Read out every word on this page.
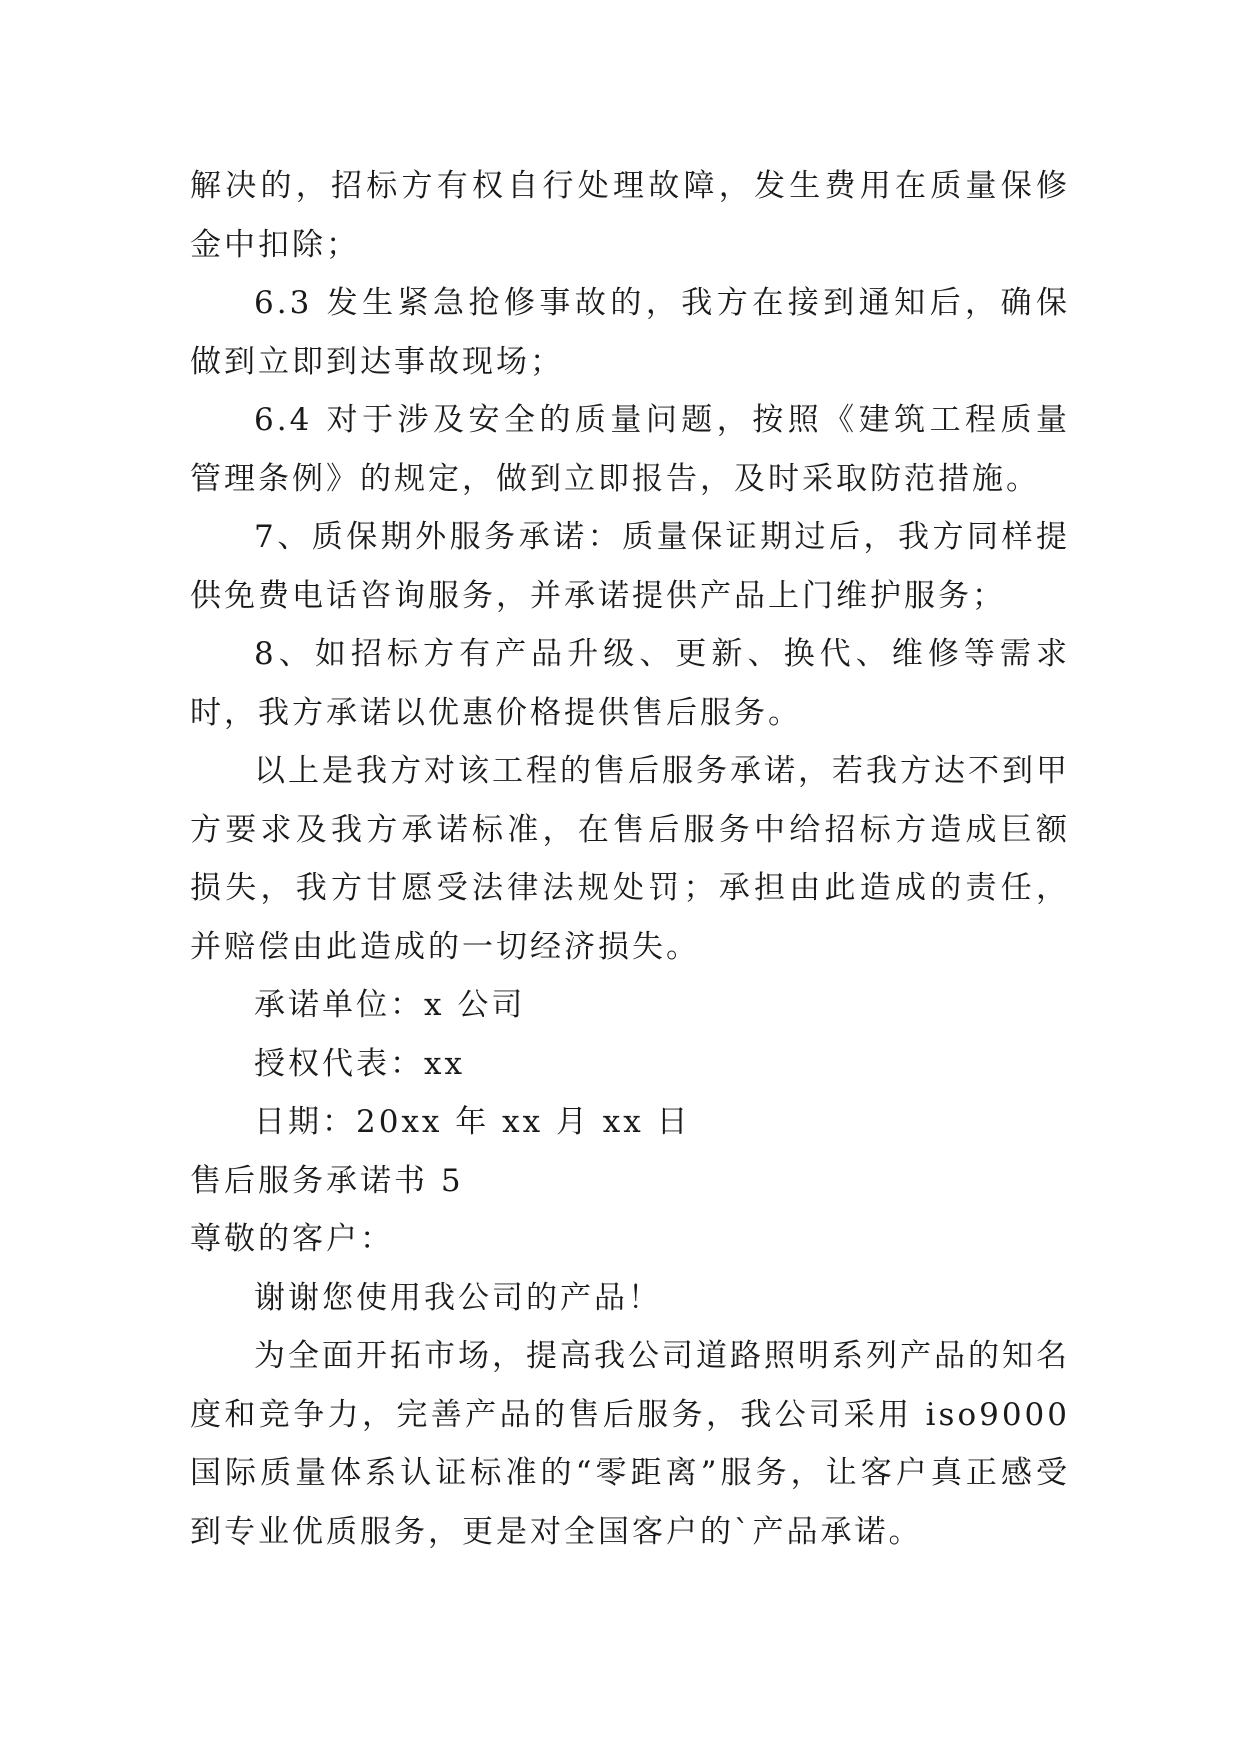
解决的，招标方有权自行处理故障，发生费用在质量保修金中扣除；

6.3 发生紧急抢修事故的，我方在接到通知后，确保做到立即到达事故现场；

6.4 对于涉及安全的质量问题，按照《建筑工程质量管理条例》的规定，做到立即报告，及时采取防范措施。

7、质保期外服务承诺：质量保证期过后，我方同样提供免费电话咨询服务，并承诺提供产品上门维护服务；

8、如招标方有产品升级、更新、换代、维修等需求时，我方承诺以优惠价格提供售后服务。

以上是我方对该工程的售后服务承诺，若我方达不到甲方要求及我方承诺标准，在售后服务中给招标方造成巨额损失，我方甘愿受法律法规处罚；承担由此造成的责任，并赔偿由此造成的一切经济损失。

承诺单位：x 公司

授权代表：xx

日期：20xx 年 xx 月 xx 日

售后服务承诺书 5

尊敬的客户：

谢谢您使用我公司的产品！

为全面开拓市场，提高我公司道路照明系列产品的知名度和竞争力，完善产品的售后服务，我公司采用 iso9000 国际质量体系认证标准的“零距离”服务，让客户真正感受到专业优质服务，更是对全国客户的`产品承诺。
